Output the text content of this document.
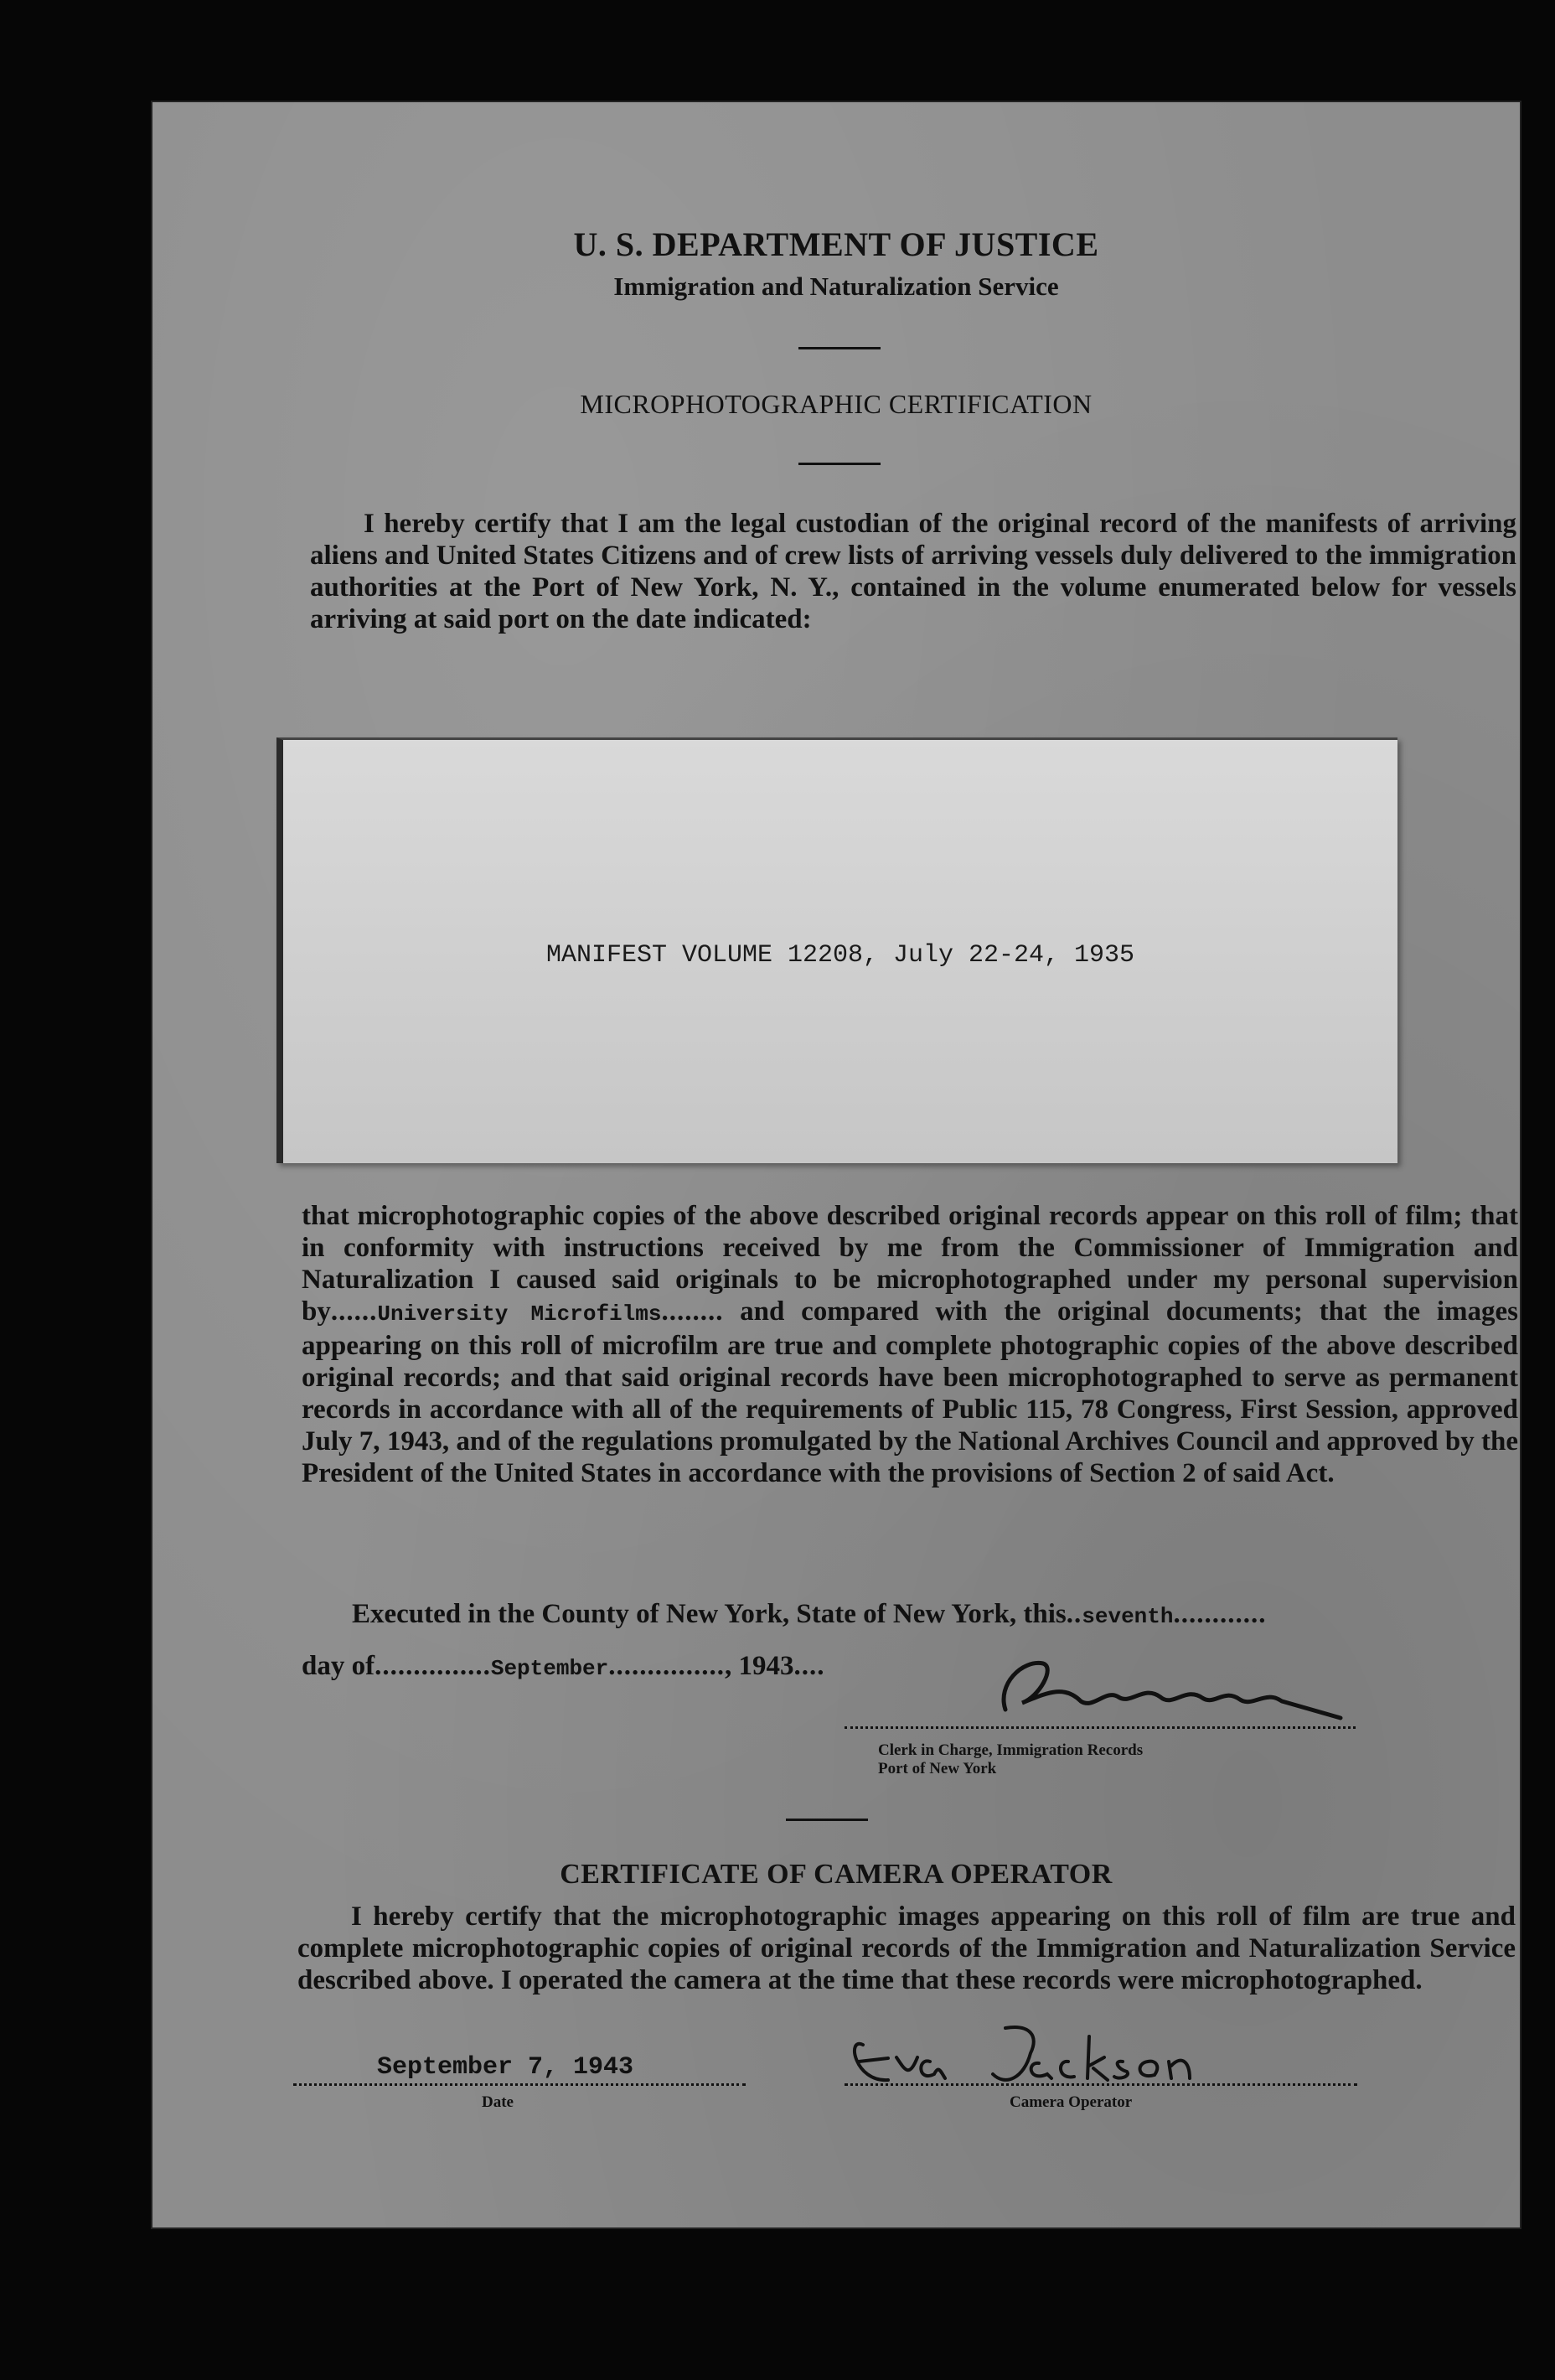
U. S. DEPARTMENT OF JUSTICE
Immigration and Naturalization Service
MICROPHOTOGRAPHIC CERTIFICATION
I hereby certify that I am the legal custodian of the original record of the manifests of arriving aliens and United States Citizens and of crew lists of arriving vessels duly delivered to the immigration authorities at the Port of New York, N. Y., contained in the volume enumerated below for vessels arriving at said port on the date indicated:
MANIFEST VOLUME 12208, July 22-24, 1935
that microphotographic copies of the above described original records appear on this roll of film; that in conformity with instructions received by me from the Commissioner of Immigration and Naturalization I caused said originals to be microphotographed under my personal supervision by......University Microfilms........ and compared with the original documents; that the images appearing on this roll of microfilm are true and complete photographic copies of the above described original records; and that said original records have been microphotographed to serve as permanent records in accordance with all of the requirements of Public 115, 78 Congress, First Session, approved July 7, 1943, and of the regulations promulgated by the National Archives Council and approved by the President of the United States in accordance with the provisions of Section 2 of said Act.
Executed in the County of New York, State of New York, this..seventh............
day of...............September..............., 1943....
Clerk in Charge, Immigration Records
Port of New York
CERTIFICATE OF CAMERA OPERATOR
I hereby certify that the microphotographic images appearing on this roll of film are true and complete microphotographic copies of original records of the Immigration and Naturalization Service described above. I operated the camera at the time that these records were microphotographed.
September 7, 1943
Date	Camera Operator
